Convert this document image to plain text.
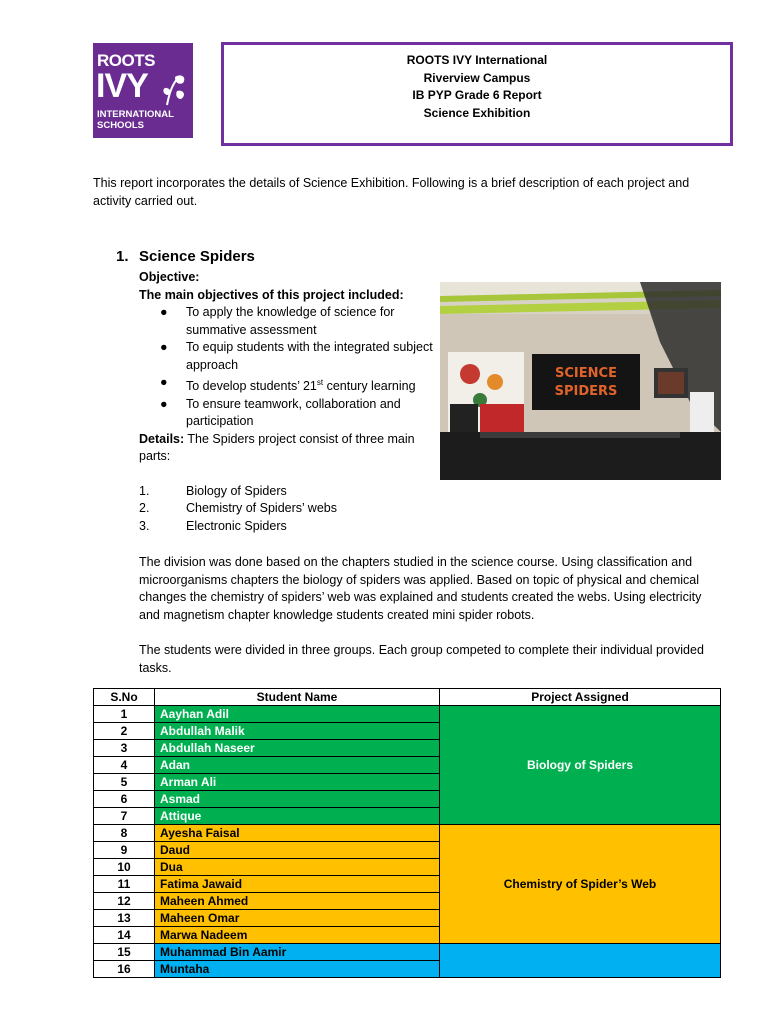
ROOTS
IVY
INTERNATIONAL
SCHOOLS
ROOTS IVY International
Riverview Campus
IB PYP Grade 6 Report
Science Exhibition
This report incorporates the details of Science Exhibition. Following is a brief description of each project and activity carried out.
1. Science Spiders
Objective:
The main objectives of this project included:
● To apply the knowledge of science for summative assessment
● To equip students with the integrated subject approach
● To develop students’ 21st century learning
● To ensure teamwork, collaboration and participation
Details: The Spiders project consist of three main parts:
1.	Biology of Spiders
2.	Chemistry of Spiders’ webs
3.	Electronic Spiders
SCIENCE
SPIDERS
The division was done based on the chapters studied in the science course. Using classification and microorganisms chapters the biology of spiders was applied. Based on topic of physical and chemical changes the chemistry of spiders’ web was explained and students created the webs. Using electricity and magnetism chapter knowledge students created mini spider robots.
The students were divided in three groups. Each group competed to complete their individual provided tasks.
S.No	Student Name	Project Assigned
1	Aayhan Adil	Biology of Spiders
2	Abdullah Malik	
3	Abdullah Naseer	
4	Adan	
5	Arman Ali	
6	Asmad	
7	Attique	
8	Ayesha Faisal	Chemistry of Spider’s Web
9	Daud	
10	Dua	
11	Fatima Jawaid	
12	Maheen Ahmed	
13	Maheen Omar	
14	Marwa Nadeem	
15	Muhammad Bin Aamir	
16	Muntaha	
